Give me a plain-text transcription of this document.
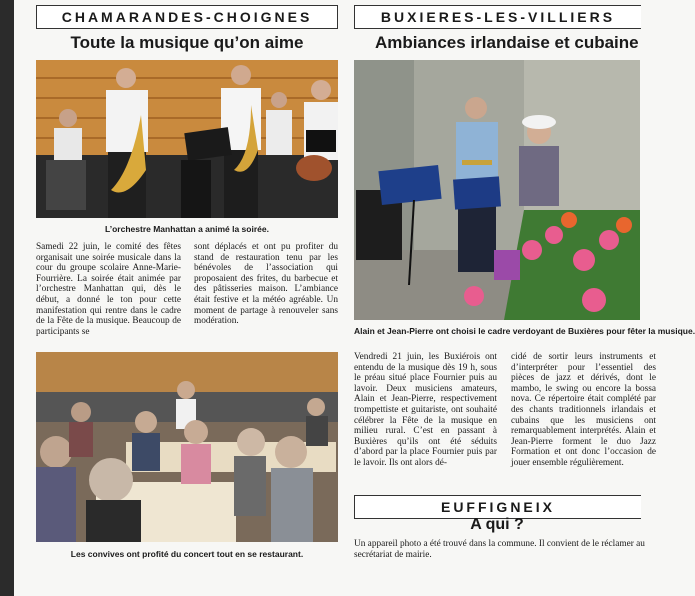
CHAMARANDES-CHOIGNES
Toute la musique qu’on aime
L’orchestre Manhattan a animé la soirée.

Samedi 22 juin, le comité des fêtes organisait une soirée musicale dans la cour du groupe scolaire Anne-Marie-Fourrière. La soirée était animée par l’orchestre Manhattan qui, dès le début, a donné le ton pour cette manifestation qui rentre dans le cadre de la Fête de la musique. Beaucoup de participants se

sont déplacés et ont pu profiter du stand de restauration tenu par les bénévoles de l’association qui proposaient des frites, du barbecue et des pâtisseries maison. L’ambiance était festive et la météo agréable. Un moment de partage à renouveler sans modération.

Les convives ont profité du concert tout en se restaurant.
BUXIERES-LES-VILLIERS
Ambiances irlandaise et cubaine
Alain et Jean-Pierre ont choisi le cadre verdoyant de Buxières pour fêter la musique.

Vendredi 21 juin, les Buxiérois ont entendu de la musique dès 19 h, sous le préau situé place Fournier puis au lavoir. Deux musiciens amateurs, Alain et Jean-Pierre, respectivement trompettiste et guitariste, ont souhaité célébrer la Fête de la musique en milieu rural. C’est en passant à Buxières qu’ils ont été séduits d’abord par la place Fournier puis par le lavoir. Ils ont alors dé-

cidé de sortir leurs instruments et d’interpréter pour l’essentiel des pièces de jazz et dérivés, dont le mambo, le swing ou encore la bossa nova. Ce répertoire était complété par des chants traditionnels irlandais et cubains que les musiciens ont remarquablement interprétés. Alain et Jean-Pierre forment le duo Jazz Formation et ont donc l’occasion de jouer ensemble régulièrement.

EUFFIGNEIX
A qui ?

Un appareil photo a été trouvé dans la commune. Il convient de le réclamer au secrétariat de mairie.
